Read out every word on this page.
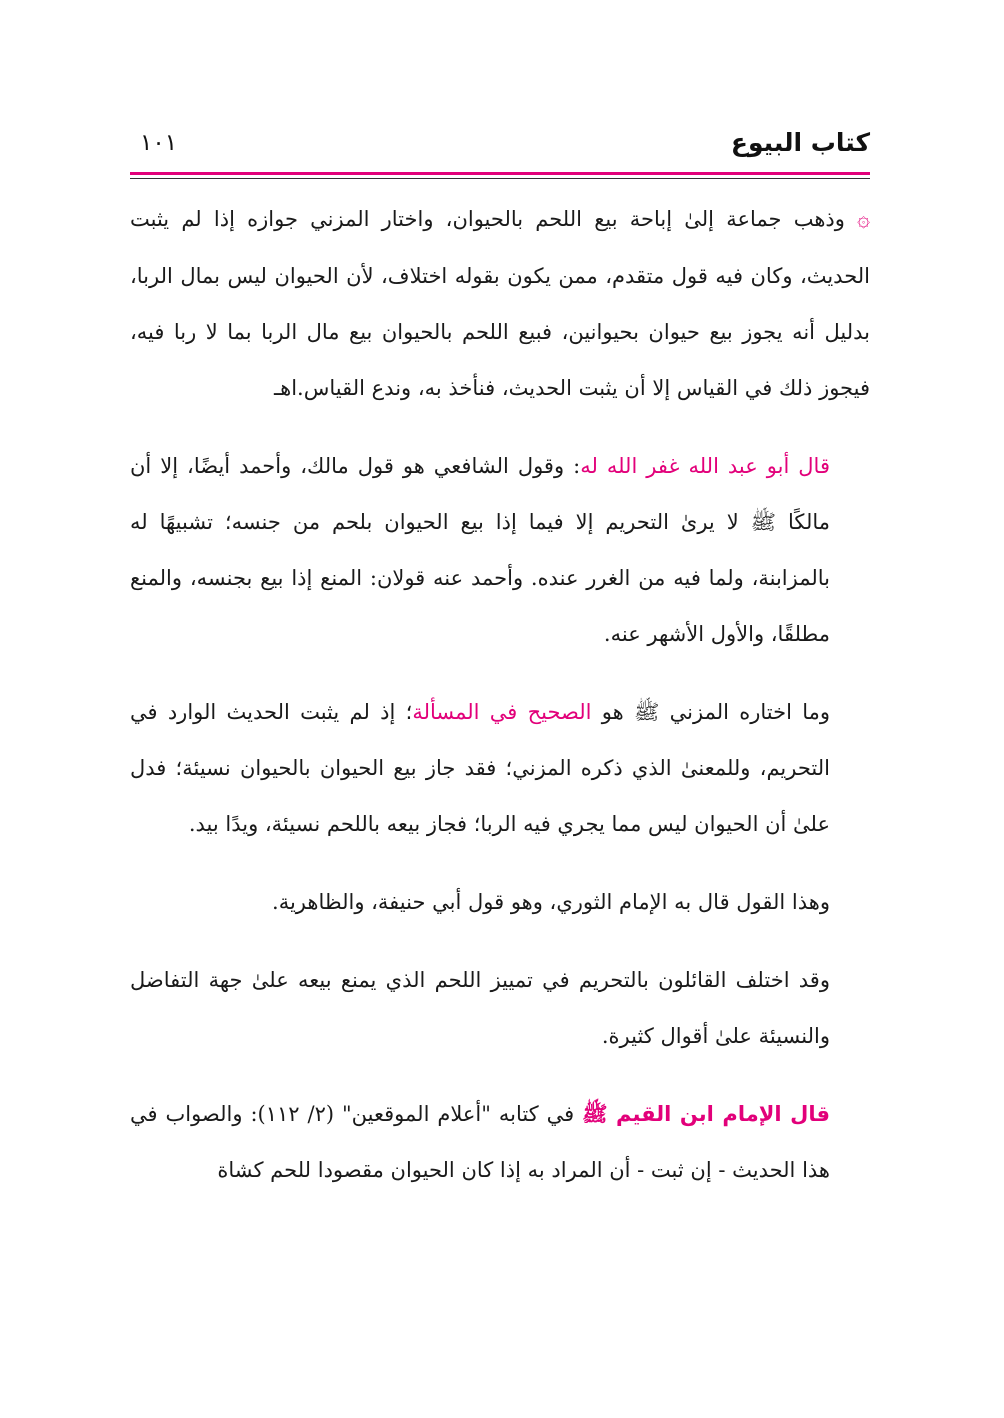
كتاب البيوع
١٠١

۞ وذهب جماعة إلىٰ إباحة بيع اللحم بالحيوان، واختار المزني جوازه إذا لم يثبت الحديث، وكان فيه قول متقدم، ممن يكون بقوله اختلاف، لأن الحيوان ليس بمال الربا، بدليل أنه يجوز بيع حيوان بحيوانين، فبيع اللحم بالحيوان بيع مال الربا بما لا ربا فيه، فيجوز ذلك في القياس إلا أن يثبت الحديث، فنأخذ به، وندع القياس.اهـ

قال أبو عبد الله غفر الله له: وقول الشافعي هو قول مالك، وأحمد أيضًا، إلا أن مالكًا ﷺ لا يرىٰ التحريم إلا فيما إذا بيع الحيوان بلحم من جنسه؛ تشبيهًا له بالمزابنة، ولما فيه من الغرر عنده. وأحمد عنه قولان: المنع إذا بيع بجنسه، والمنع مطلقًا، والأول الأشهر عنه.

وما اختاره المزني ﷺ هو الصحيح في المسألة؛ إذ لم يثبت الحديث الوارد في التحريم، وللمعنىٰ الذي ذكره المزني؛ فقد جاز بيع الحيوان بالحيوان نسيئة؛ فدل علىٰ أن الحيوان ليس مما يجري فيه الربا؛ فجاز بيعه باللحم نسيئة، ويدًا بيد.

وهذا القول قال به الإمام الثوري، وهو قول أبي حنيفة، والظاهرية.

وقد اختلف القائلون بالتحريم في تمييز اللحم الذي يمنع بيعه علىٰ جهة التفاضل والنسيئة علىٰ أقوال كثيرة.

قال الإمام ابن القيم ﷺ في كتابه "أعلام الموقعين" (٢/ ١١٢): والصواب في هذا الحديث - إن ثبت - أن المراد به إذا كان الحيوان مقصودا للحم كشاة
